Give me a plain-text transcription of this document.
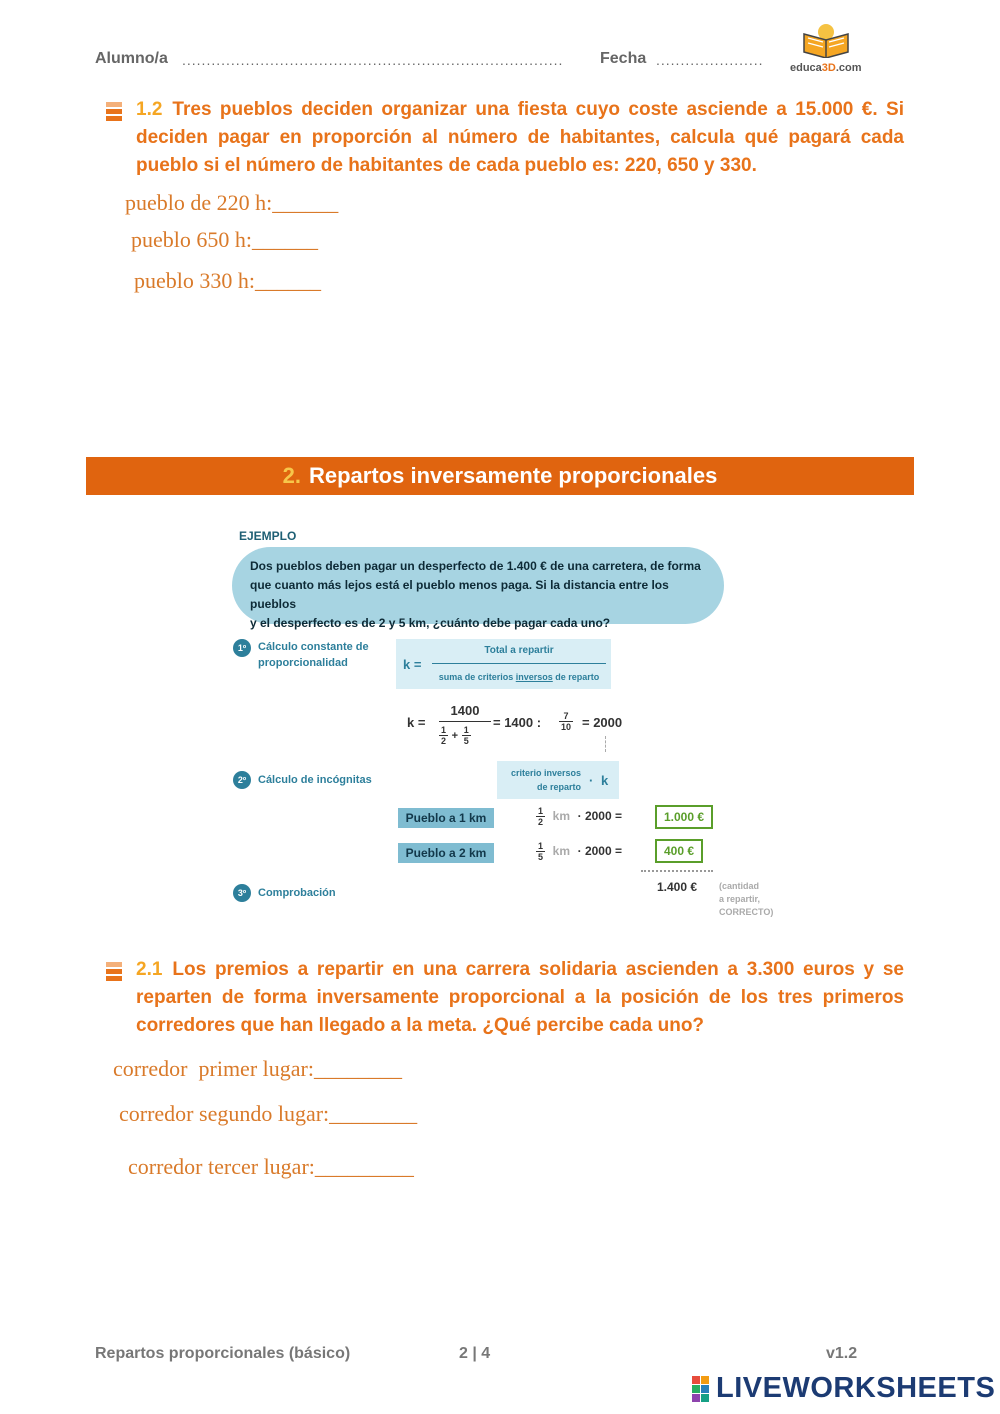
Alumno/a .............................................................................. Fecha ...................... educa3D.com
1.2 Tres pueblos deciden organizar una fiesta cuyo coste asciende a 15.000 €. Si deciden pagar en proporción al número de habitantes, calcula qué pagará cada pueblo si el número de habitantes de cada pueblo es: 220, 650 y 330.
pueblo de 220 h:______
pueblo 650 h:______
pueblo 330 h:______
2. Repartos inversamente proporcionales
EJEMPLO
Dos pueblos deben pagar un desperfecto de 1.400 € de una carretera, de forma
que cuanto más lejos está el pueblo menos paga. Si la distancia entre los pueblos
y el desperfecto es de 2 y 5 km, ¿cuánto debe pagar cada uno?
1º	Cálculo constante de
proporcionalidad	k =
Total a repartir
suma de criterios inversos de reparto
k =
1400
$\frac{1}{2} + \frac{1}{5}$
= 1400 : $\frac{7}{10} = 2000$
2º	Cálculo de incógnitas
criterio inversos
de reparto · k
Pueblo a 1 km	$\frac{1}{2}$ km · 2000 =	1.000 €
Pueblo a 2 km	$\frac{1}{5}$ km · 2000 =	400 €
3º	Comprobación	1.400 € (cantidad
a repartir,
CORRECTO)
2.1 Los premios a repartir en una carrera solidaria ascienden a 3.300 euros y se reparten de forma inversamente proporcional a la posición de los tres primeros corredores que han llegado a la meta. ¿Qué percibe cada uno?
corredor  primer lugar:________
corredor segundo lugar:________
corredor tercer lugar:_________
Repartos proporcionales (básico)	2 | 4	v1.2
LIVEWORKSHEETS
